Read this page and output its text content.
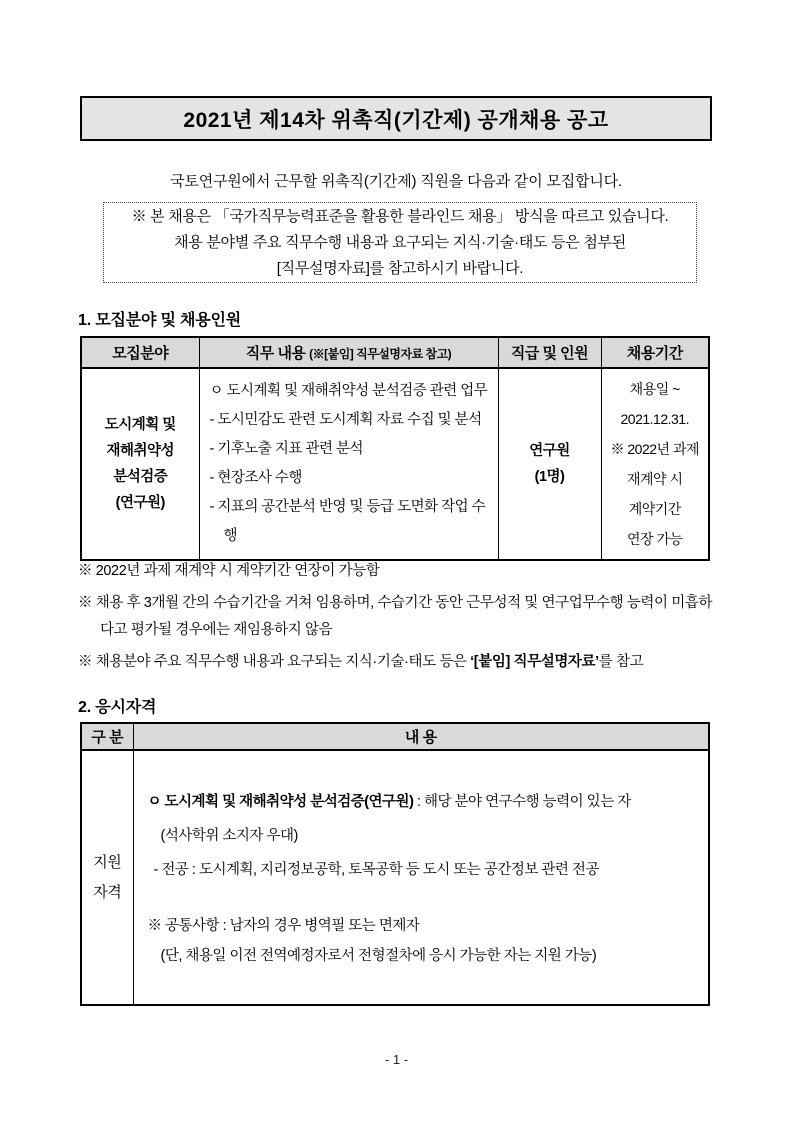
2021년 제14차 위촉직(기간제) 공개채용 공고
국토연구원에서 근무할 위촉직(기간제) 직원을 다음과 같이 모집합니다.
※ 본 채용은 「국가직무능력표준을 활용한 블라인드 채용」 방식을 따르고 있습니다.
채용 분야별 주요 직무수행 내용과 요구되는 지식·기술·태도 등은 첨부된
[직무설명자료]를 참고하시기 바랍니다.
1. 모집분야 및 채용인원
모집분야	직무 내용 (※[붙임] 직무설명자료 참고)	직급 및 인원	채용기간

도시계획 및
재해취약성
분석검증
(연구원)

ㅇ 도시계획 및 재해취약성 분석검증 관련 업무
- 도시민감도 관련 도시계획 자료 수집 및 분석
- 기후노출 지표 관련 분석
- 현장조사 수행
- 지표의 공간분석 반영 및 등급 도면화 작업 수행

연구원
(1명)

채용일 ~
2021.12.31.
※ 2022년 과제
재계약 시
계약기간
연장 가능
※ 2022년 과제 재계약 시 계약기간 연장이 가능함
※ 채용 후 3개월 간의 수습기간을 거쳐 임용하며, 수습기간 동안 근무성적 및 연구업무수행 능력이 미흡하다고 평가될 경우에는 재임용하지 않음
※ 채용분야 주요 직무수행 내용과 요구되는 지식·기술·태도 등은 ‘[붙임] 직무설명자료’를 참고
2. 응시자격
구 분	내 용

지원
자격

ㅇ 도시계획 및 재해취약성 분석검증(연구원) : 해당 분야 연구수행 능력이 있는 자
(석사학위 소지자 우대)
- 전공 : 도시계획, 지리정보공학, 토목공학 등 도시 또는 공간정보 관련 전공
※ 공통사항 : 남자의 경우 병역필 또는 면제자
(단, 채용일 이전 전역예정자로서 전형절차에 응시 가능한 자는 지원 가능)
- 1 -
